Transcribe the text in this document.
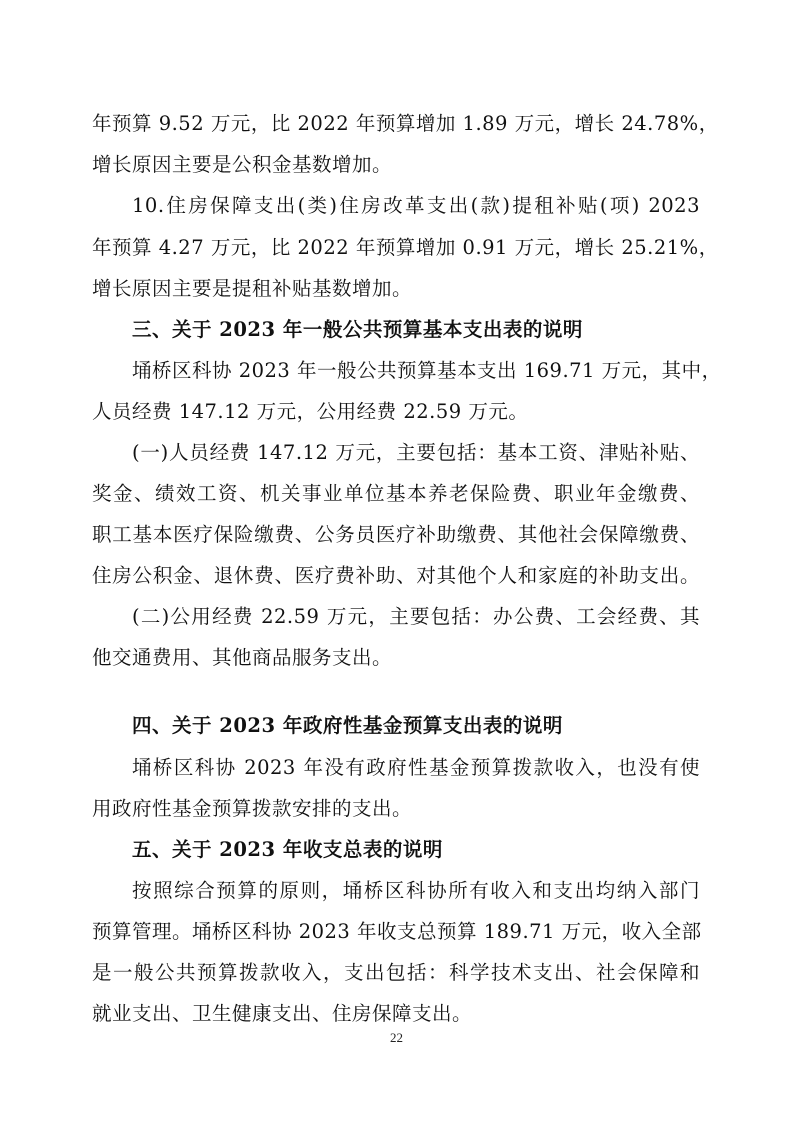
年预算 9.52 万元，比 2022 年预算增加 1.89 万元，增长 24.78%，
增长原因主要是公积金基数增加。
10.住房保障支出(类)住房改革支出(款)提租补贴(项) 2023
年预算 4.27 万元，比 2022 年预算增加 0.91 万元，增长 25.21%，
增长原因主要是提租补贴基数增加。
三、关于 2023 年一般公共预算基本支出表的说明
埇桥区科协 2023 年一般公共预算基本支出 169.71 万元，其中，
人员经费 147.12 万元，公用经费 22.59 万元。
(一)人员经费 147.12 万元，主要包括：基本工资、津贴补贴、
奖金、绩效工资、机关事业单位基本养老保险费、职业年金缴费、
职工基本医疗保险缴费、公务员医疗补助缴费、其他社会保障缴费、
住房公积金、退休费、医疗费补助、对其他个人和家庭的补助支出。
(二)公用经费 22.59 万元，主要包括：办公费、工会经费、其
他交通费用、其他商品服务支出。
四、关于 2023 年政府性基金预算支出表的说明
埇桥区科协 2023 年没有政府性基金预算拨款收入，也没有使
用政府性基金预算拨款安排的支出。
五、关于 2023 年收支总表的说明
按照综合预算的原则，埇桥区科协所有收入和支出均纳入部门
预算管理。埇桥区科协 2023 年收支总预算 189.71 万元，收入全部
是一般公共预算拨款收入，支出包括：科学技术支出、社会保障和
就业支出、卫生健康支出、住房保障支出。
22
